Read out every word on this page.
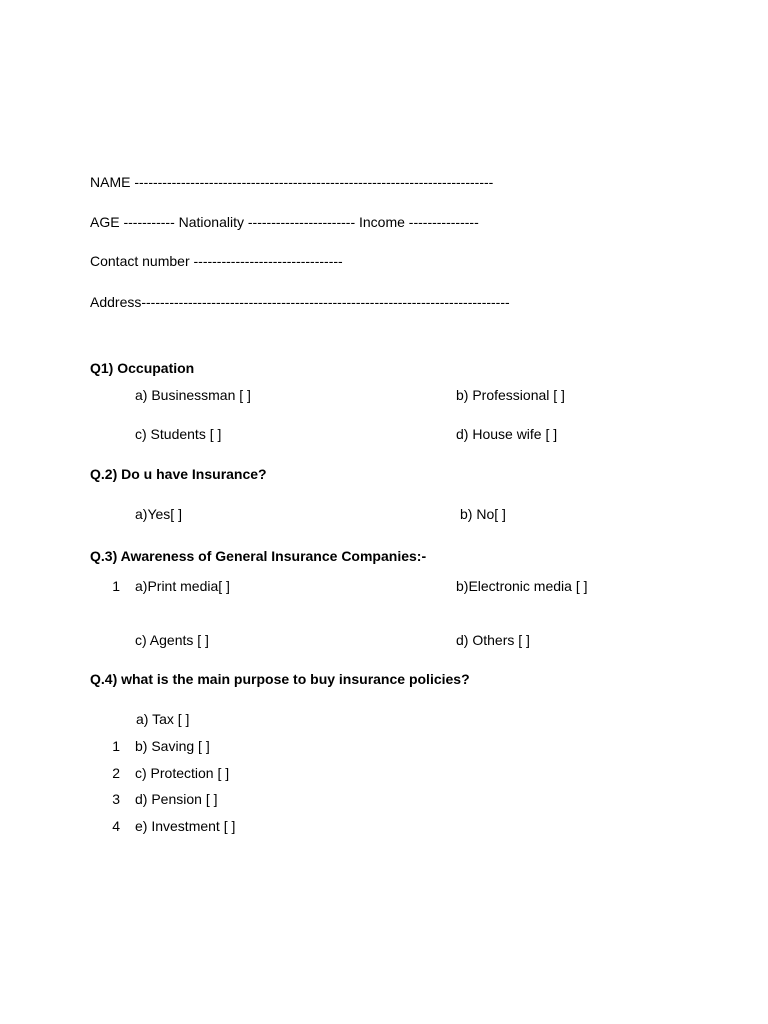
NAME -----------------------------------------------------------------------------
AGE ----------- Nationality ----------------------- Income ---------------
Contact number --------------------------------
Address-------------------------------------------------------------------------------
Q1) Occupation
a) Businessman [ ]	b) Professional [ ]
c) Students [ ]	d) House wife [ ]
Q.2) Do u have Insurance?
a)Yes[ ]	b) No[ ]
Q.3) Awareness of General Insurance Companies:-
1 a)Print media[ ]	b)Electronic media [ ]
c) Agents [ ]	d) Others [ ]
Q.4) what is the main purpose to buy insurance policies?
a) Tax [ ]
1 b) Saving [ ]
2 c) Protection [ ]
3 d) Pension [ ]
4 e) Investment [ ]
